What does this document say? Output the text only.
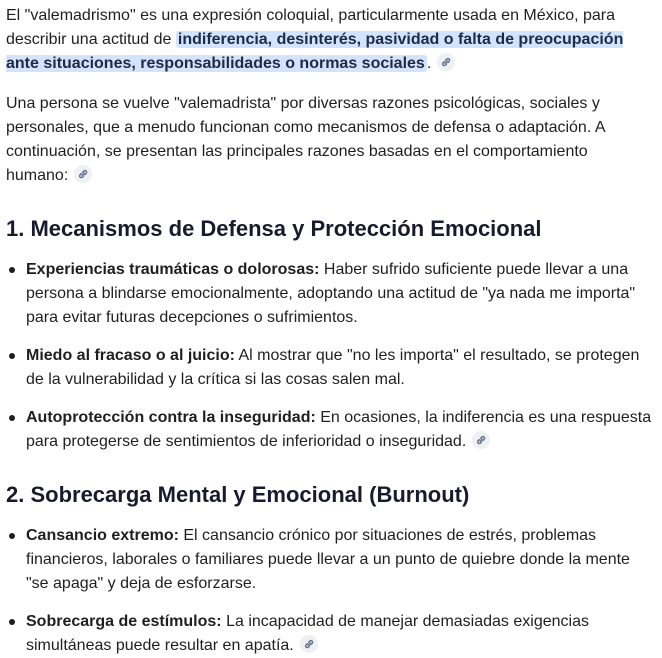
El "valemadrismo" es una expresión coloquial, particularmente usada en México, para describir una actitud de indiferencia, desinterés, pasividad o falta de preocupación ante situaciones, responsabilidades o normas sociales .

Una persona se vuelve "valemadrista" por diversas razones psicológicas, sociales y personales, que a menudo funcionan como mecanismos de defensa o adaptación. A continuación, se presentan las principales razones basadas en el comportamiento humano:

1. Mecanismos de Defensa y Protección Emocional
Experiencias traumáticas o dolorosas: Haber sufrido suficiente puede llevar a una persona a blindarse emocionalmente, adoptando una actitud de "ya nada me importa" para evitar futuras decepciones o sufrimientos.
Miedo al fracaso o al juicio: Al mostrar que "no les importa" el resultado, se protegen de la vulnerabilidad y la crítica si las cosas salen mal.
Autoprotección contra la inseguridad: En ocasiones, la indiferencia es una respuesta para protegerse de sentimientos de inferioridad o inseguridad.
2. Sobrecarga Mental y Emocional (Burnout)
Cansancio extremo: El cansancio crónico por situaciones de estrés, problemas financieros, laborales o familiares puede llevar a un punto de quiebre donde la mente "se apaga" y deja de esforzarse.
Sobrecarga de estímulos: La incapacidad de manejar demasiadas exigencias simultáneas puede resultar en apatía.
